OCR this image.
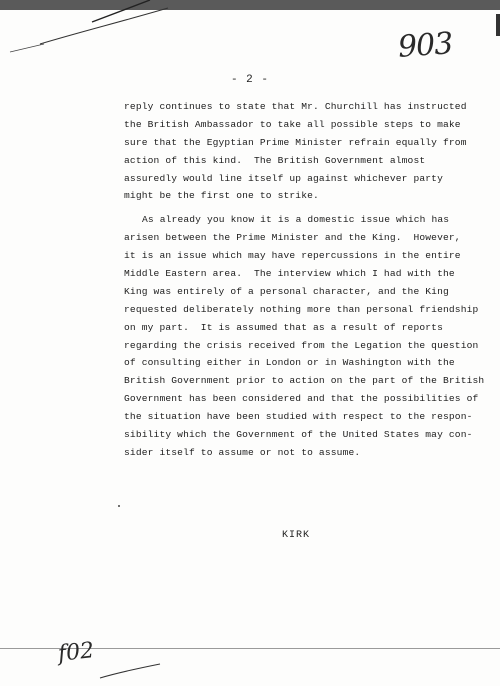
903
- 2 -
reply continues to state that Mr. Churchill has instructed
the British Ambassador to take all possible steps to make
sure that the Egyptian Prime Minister refrain equally from
action of this kind.  The British Government almost
assuredly would line itself up against whichever party
might be the first one to strike.
As already you know it is a domestic issue which has
arisen between the Prime Minister and the King.  However,
it is an issue which may have repercussions in the entire
Middle Eastern area.  The interview which I had with the
King was entirely of a personal character, and the King
requested deliberately nothing more than personal friendship
on my part.  It is assumed that as a result of reports
regarding the crisis received from the Legation the question
of consulting either in London or in Washington with the
British Government prior to action on the part of the British
Government has been considered and that the possibilities of
the situation have been studied with respect to the respon-
sibility which the Government of the United States may con-
sider itself to assume or not to assume.
KIRK
f02
